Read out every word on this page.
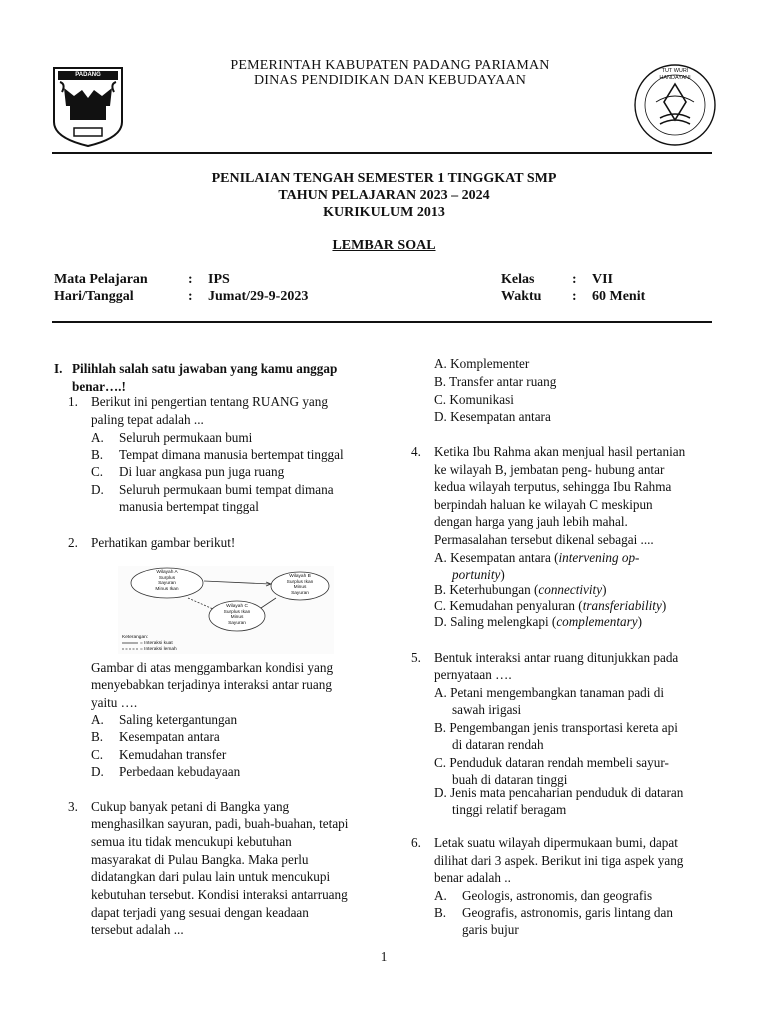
PADANG PARIAMAN
PEMERINTAH KABUPATEN PADANG PARIAMAN
DINAS PENDIDIKAN DAN KEBUDAYAAN
TUT WURI HANDAYANI
PENILAIAN TENGAH SEMESTER 1 TINGGKAT SMP
TAHUN PELAJARAN 2023 – 2024
KURIKULUM 2013
LEMBAR SOAL
Mata Pelajaran	: IPS
Hari/Tanggal	: Jumat/29-9-2023
Kelas	: VII
Waktu : 60 Menit
I. Pilihlah salah satu jawaban yang kamu anggap
benar….!
1. Berikut ini pengertian tentang RUANG yang
paling tepat adalah ...
A. Seluruh permukaan bumi
B. Tempat dimana manusia bertempat tinggal
C. Di luar angkasa pun juga ruang
D. Seluruh permukaan bumi tempat dimana
manusia bertempat tinggal
2. Perhatikan gambar berikut!
Wilayah A
Surplus
Sayuran
Minus Ikan
Wilayah B
Surplus Ikan
Minus
Sayuran
Wilayah C
Surplus Ikan
Minus
Sayuran
Keterangan:
= Interaksi kuat
= Interaksi lemah
Gambar di atas menggambarkan kondisi yang
menyebabkan terjadinya interaksi antar ruang
yaitu ….
A. Saling ketergantungan
B. Kesempatan antara
C. Kemudahan transfer
D. Perbedaan kebudayaan
3. Cukup banyak petani di Bangka yang
menghasilkan sayuran, padi, buah-buahan, tetapi
semua itu tidak mencukupi kebutuhan
masyarakat di Pulau Bangka. Maka perlu
didatangkan dari pulau lain untuk mencukupi
kebutuhan tersebut. Kondisi interaksi antarruang
dapat terjadi yang sesuai dengan keadaan
tersebut adalah ...
A. Komplementer
B. Transfer antar ruang
C. Komunikasi
D. Kesempatan antara
4. Ketika Ibu Rahma akan menjual hasil pertanian
ke wilayah B, jembatan peng- hubung antar
kedua wilayah terputus, sehingga Ibu Rahma
berpindah haluan ke wilayah C meskipun
dengan harga yang jauh lebih mahal.
Permasalahan tersebut dikenal sebagai ....
A. Kesempatan antara (intervening op-
portunity)
B. Keterhubungan (connectivity)
C. Kemudahan penyaluran (transferiability)
D. Saling melengkapi (complementary)
5. Bentuk interaksi antar ruang ditunjukkan pada
pernyataan ….
A. Petani mengembangkan tanaman padi di
sawah irigasi
B. Pengembangan jenis transportasi kereta api
di dataran rendah
C. Penduduk dataran rendah membeli sayur-
buah di dataran tinggi
D. Jenis mata pencaharian penduduk di dataran
tinggi relatif beragam
6. Letak suatu wilayah dipermukaan bumi, dapat
dilihat dari 3 aspek. Berikut ini tiga aspek yang
benar adalah ..
A. Geologis, astronomis, dan geografis
B. Geografis, astronomis, garis lintang dan
garis bujur
1
